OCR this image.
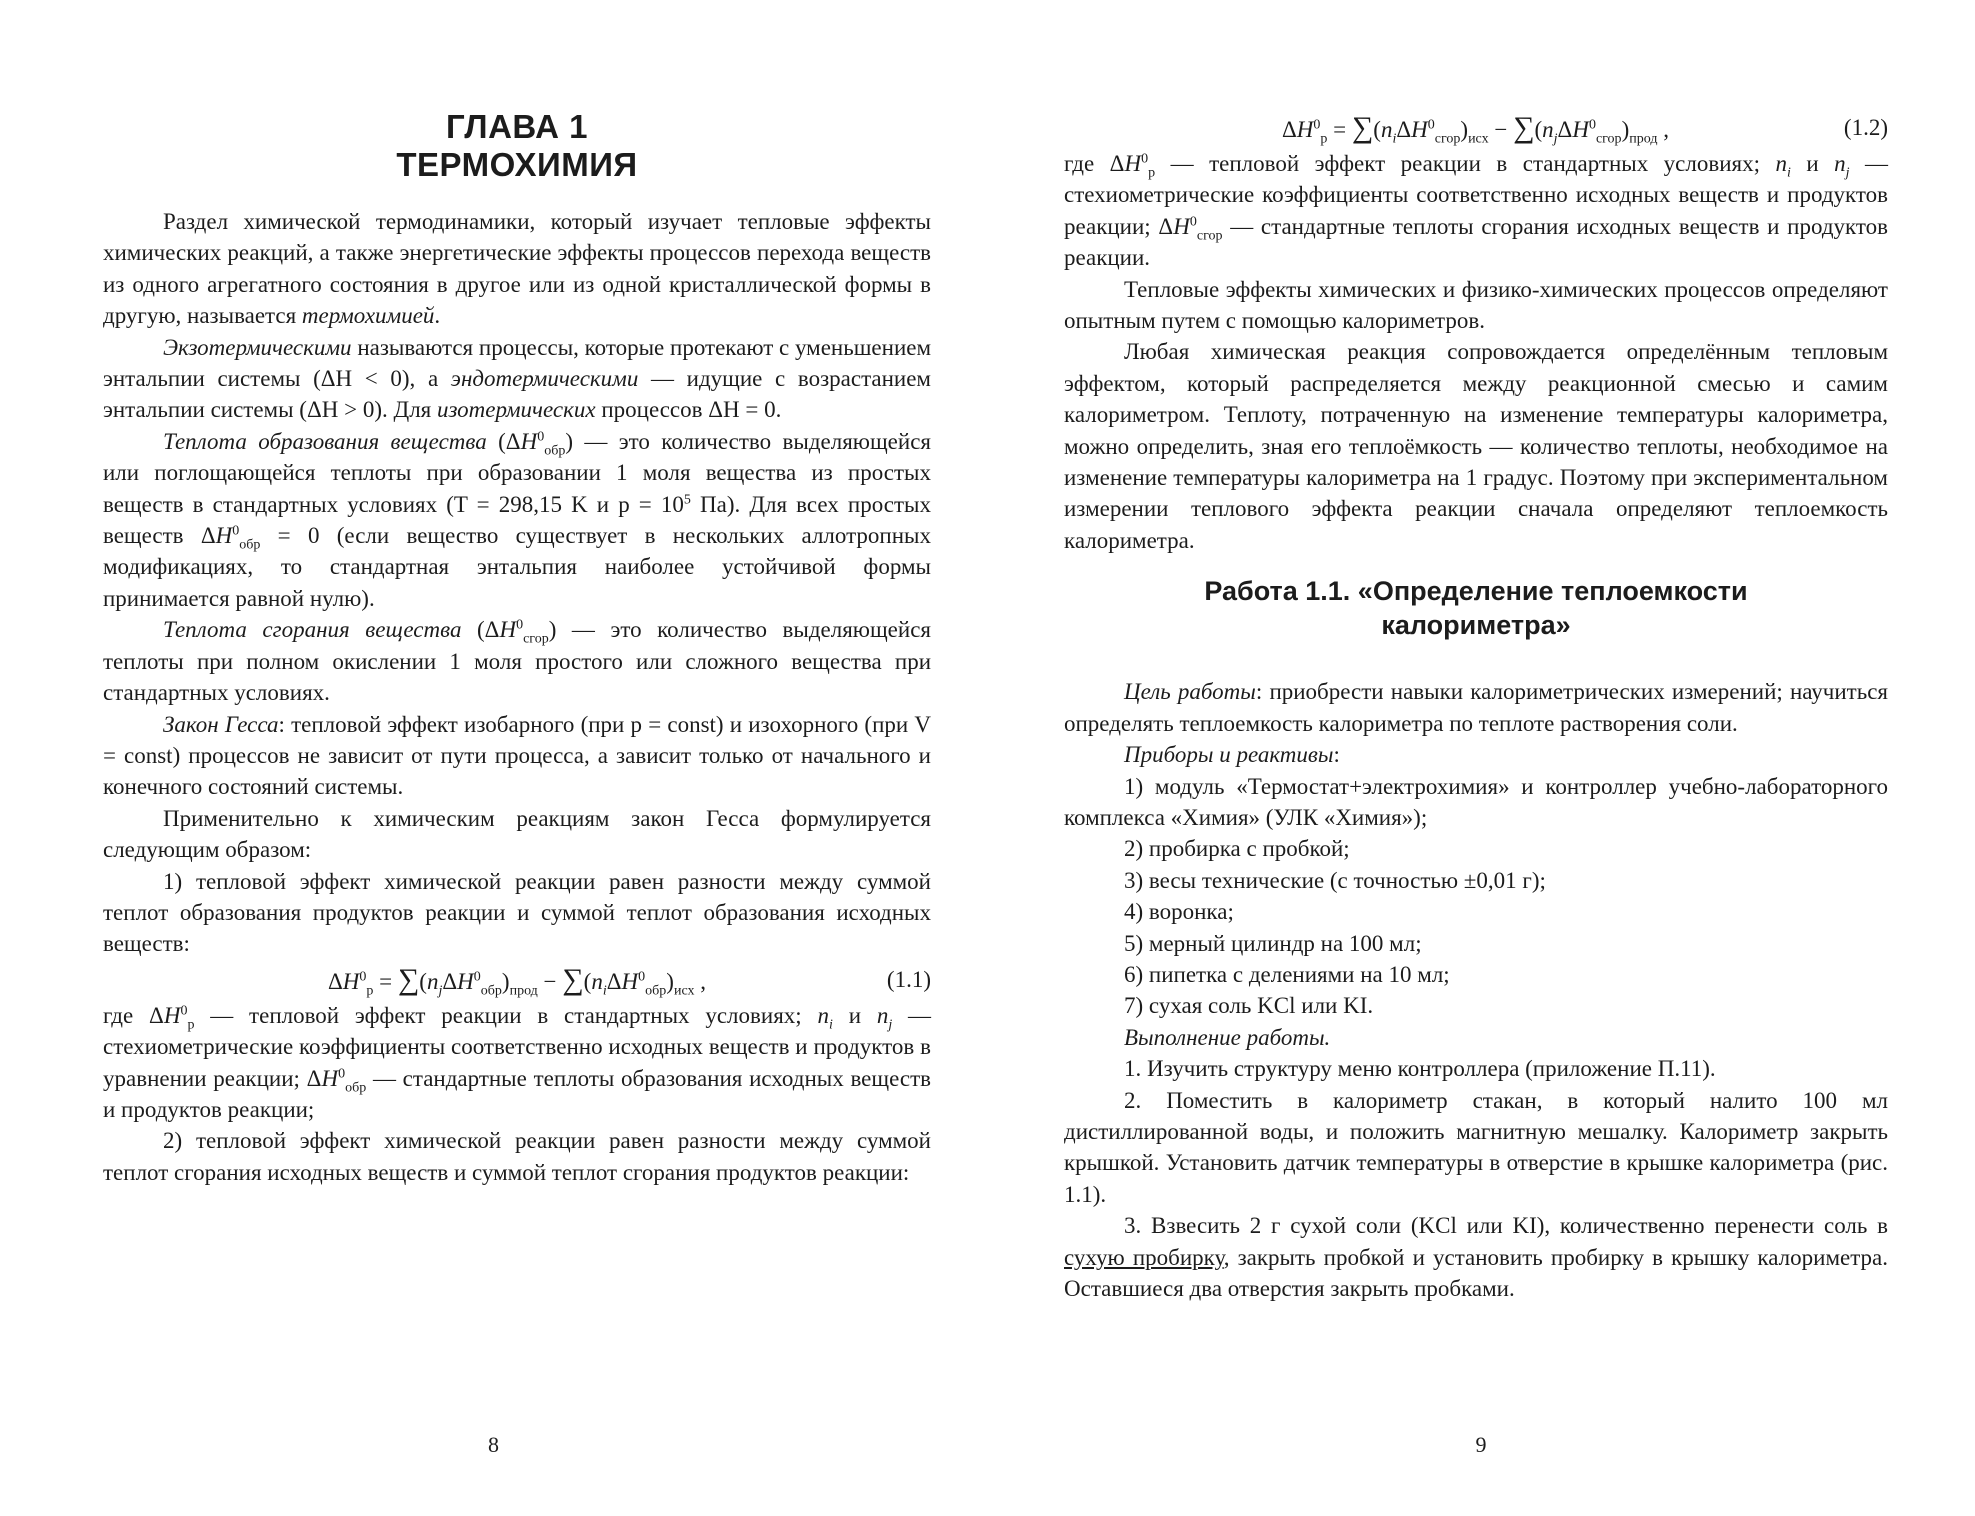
ГЛАВА 1
ТЕРМОХИМИЯ

Раздел химической термодинамики, который изучает тепловые эффекты химических реакций, а также энергетические эффекты процессов перехода веществ из одного агрегатного состояния в другое или из одной кристаллической формы в другую, называется термохимией.

Экзотермическими называются процессы, которые протекают с уменьшением энтальпии системы (ΔH < 0), а эндотермическими — идущие с возрастанием энтальпии системы (ΔH > 0). Для изотермических процессов ΔH = 0.

Теплота образования вещества $(\Delta H^0_{обр})$ — это количество выделяющейся или поглощающейся теплоты при образовании 1 моля вещества из простых веществ в стандартных условиях (T = 298,15 K и $p = 10^5$ Па). Для всех простых веществ $\Delta H^0_{обр} = 0$ (если вещество существует в нескольких аллотропных модификациях, то стандартная энтальпия наиболее устойчивой формы принимается равной нулю).

Теплота сгорания вещества $(\Delta H^0_{сгор})$ — это количество выделяющейся теплоты при полном окислении 1 моля простого или сложного вещества при стандартных условиях.

Закон Гесса: тепловой эффект изобарного (при p = const) и изохорного (при V = const) процессов не зависит от пути процесса, а зависит только от начального и конечного состояний системы.

Применительно к химическим реакциям закон Гесса формулируется следующим образом:

1) тепловой эффект химической реакции равен разности между суммой теплот образования продуктов реакции и суммой теплот образования исходных веществ:

$\Delta H^0_р = \sum(n_j\Delta H^0_{обр})_{прод} - \sum(n_i\Delta H^0_{обр})_{исх}$ ,	(1.1)

где $\Delta H^0_р$ — тепловой эффект реакции в стандартных условиях; $n_i$ и $n_j$ — стехиометрические коэффициенты соответственно исходных веществ и продуктов в уравнении реакции; $\Delta H^0_{обр}$ — стандартные теплоты образования исходных веществ и продуктов реакции;

2) тепловой эффект химической реакции равен разности между суммой теплот сгорания исходных веществ и суммой теплот сгорания продуктов реакции:

8
$\Delta H^0_р = \sum(n_i\Delta H^0_{сгор})_{исх} - \sum(n_j\Delta H^0_{сгор})_{прод}$ ,	(1.2)

где $\Delta H^0_р$ — тепловой эффект реакции в стандартных условиях; $n_i$ и $n_j$ — стехиометрические коэффициенты соответственно исходных веществ и продуктов реакции; $\Delta H^0_{сгор}$ — стандартные теплоты сгорания исходных веществ и продуктов реакции.

Тепловые эффекты химических и физико-химических процессов определяют опытным путем с помощью калориметров.

Любая химическая реакция сопровождается определённым тепловым эффектом, который распределяется между реакционной смесью и самим калориметром. Теплоту, потраченную на изменение температуры калориметра, можно определить, зная его теплоёмкость — количество теплоты, необходимое на изменение температуры калориметра на 1 градус. Поэтому при экспериментальном измерении теплового эффекта реакции сначала определяют теплоемкость калориметра.

Работа 1.1. «Определение теплоемкости
калориметра»

Цель работы: приобрести навыки калориметрических измерений; научиться определять теплоемкость калориметра по теплоте растворения соли.

Приборы и реактивы:

1) модуль «Термостат+электрохимия» и контроллер учебно-лабораторного комплекса «Химия» (УЛК «Химия»);

2) пробирка с пробкой;

3) весы технические (с точностью ±0,01 г);

4) воронка;

5) мерный цилиндр на 100 мл;

6) пипетка с делениями на 10 мл;

7) сухая соль KCl или KI.

Выполнение работы.

1. Изучить структуру меню контроллера (приложение П.11).

2. Поместить в калориметр стакан, в который налито 100 мл дистиллированной воды, и положить магнитную мешалку. Калориметр закрыть крышкой. Установить датчик температуры в отверстие в крышке калориметра (рис. 1.1).

3. Взвесить 2 г сухой соли (KCl или KI), количественно перенести соль в сухую пробирку, закрыть пробкой и установить пробирку в крышку калориметра. Оставшиеся два отверстия закрыть пробками.

9
